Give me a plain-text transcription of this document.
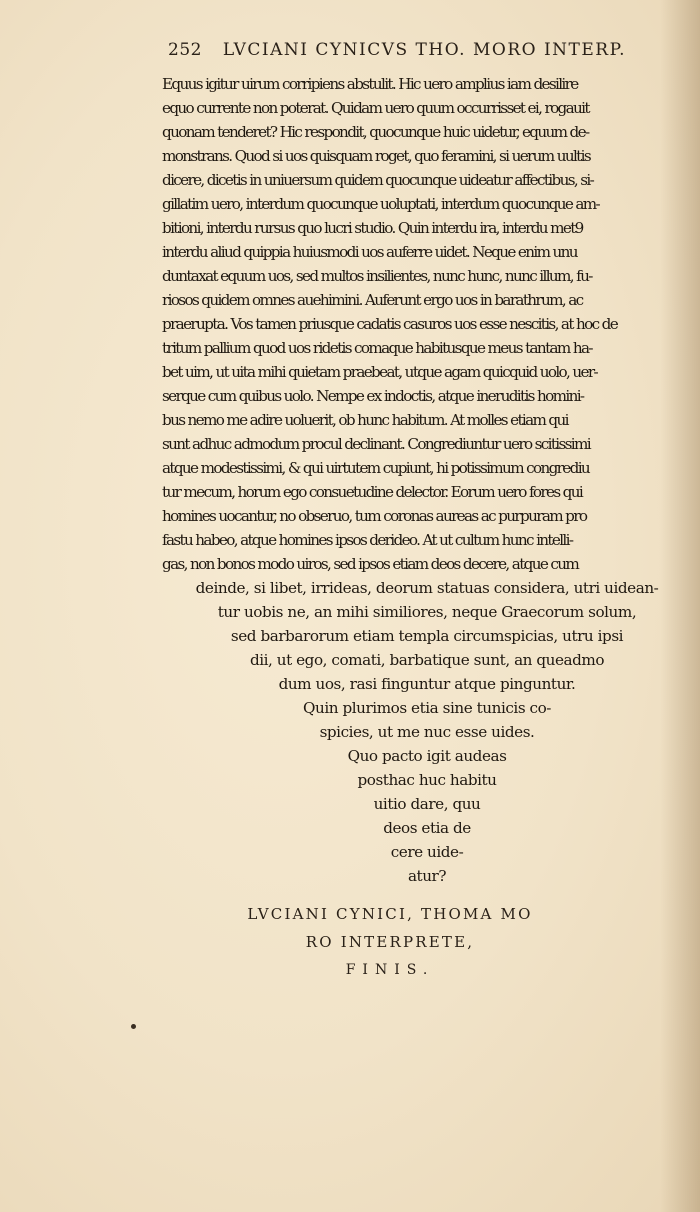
252 LVCIANI CYNICVS THO. MORO INTERP.
Equus igitur uirum corripiens abstulit. Hic uero amplius iam desilire
equo currente non poterat. Quidam uero quum occurrisset ei, rogauit
quonam tenderet? Hic respondit, quocunque huic uidetur, equum de-
monstrans. Quod si uos quisquam roget, quo feramini, si uerum uultis
dicere, dicetis in uniuersum quidem quocunque uideatur affectibus, si-
gillatim uero, interdum quocunque uoluptati, interdum quocunque am-
bitioni, interdu rursus quo lucri studio. Quin interdu ira, interdu met9
interdu aliud quippia huiusmodi uos auferre uidet. Neque enim unu
duntaxat equum uos, sed multos insilientes, nunc hunc, nunc illum, fu-
riosos quidem omnes auehimini. Auferunt ergo uos in barathrum, ac
praerupta. Vos tamen priusque cadatis casuros uos esse nescitis, at hoc de
tritum pallium quod uos ridetis comaque habitusque meus tantam ha-
bet uim, ut uita mihi quietam praebeat, utque agam quicquid uolo, uer-
serque cum quibus uolo. Nempe ex indoctis, atque ineruditis homini-
bus nemo me adire uoluerit, ob hunc habitum. At molles etiam qui
sunt adhuc admodum procul declinant. Congrediuntur uero scitissimi
atque modestissimi, & qui uirtutem cupiunt, hi potissimum congrediu
tur mecum, horum ego consuetudine delector. Eorum uero fores qui
homines uocantur, no obseruo, tum coronas aureas ac purpuram pro
fastu habeo, atque homines ipsos derideo. At ut cultum hunc intelli-
gas, non bonos modo uiros, sed ipsos etiam deos decere, atque cum
deinde, si libet, irrideas, deorum statuas considera, utri uidean-
tur uobis ne, an mihi similiores, neque Graecorum solum,
sed barbarorum etiam templa circumspicias, utru ipsi
dii, ut ego, comati, barbatique sunt, an queadmo
dum uos, rasi finguntur atque pinguntur.
Quin plurimos etia sine tunicis co-
spicies, ut me nuc esse uides.
Quo pacto igit audeas
posthac huc habitu
uitio dare, quu
deos etia de
cere uide-
atur?
LVCIANI CYNICI, THOMA MO
RO INTERPRETE,
FINIS.
